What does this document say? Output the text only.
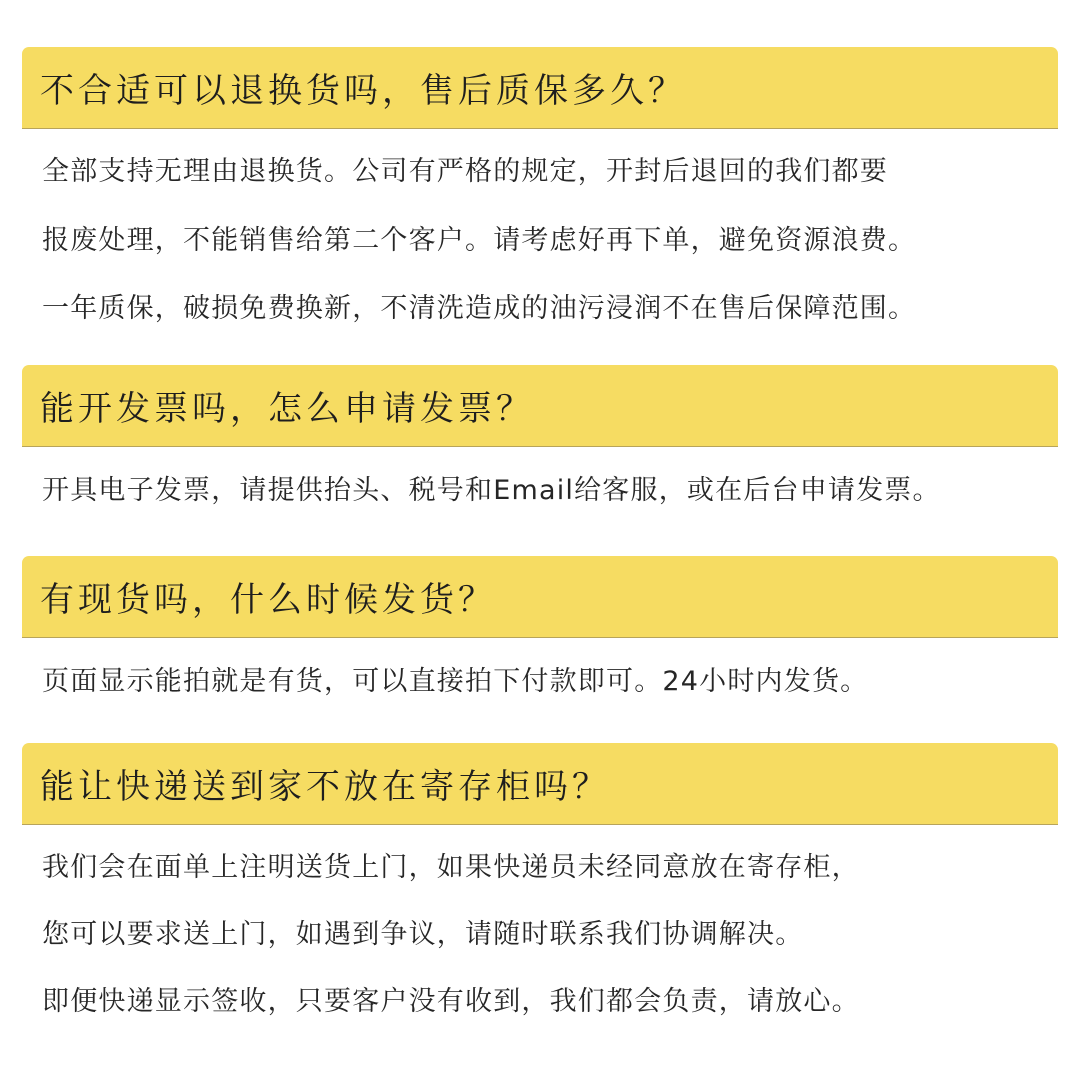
不合适可以退换货吗，售后质保多久？
全部支持无理由退换货。公司有严格的规定，开封后退回的我们都要
报废处理，不能销售给第二个客户。请考虑好再下单，避免资源浪费。
一年质保，破损免费换新，不清洗造成的油污浸润不在售后保障范围。
能开发票吗，怎么申请发票？
开具电子发票，请提供抬头、税号和Email给客服，或在后台申请发票。
有现货吗，什么时候发货？
页面显示能拍就是有货，可以直接拍下付款即可。24小时内发货。
能让快递送到家不放在寄存柜吗？
我们会在面单上注明送货上门，如果快递员未经同意放在寄存柜，
您可以要求送上门，如遇到争议，请随时联系我们协调解决。
即便快递显示签收，只要客户没有收到，我们都会负责，请放心。
